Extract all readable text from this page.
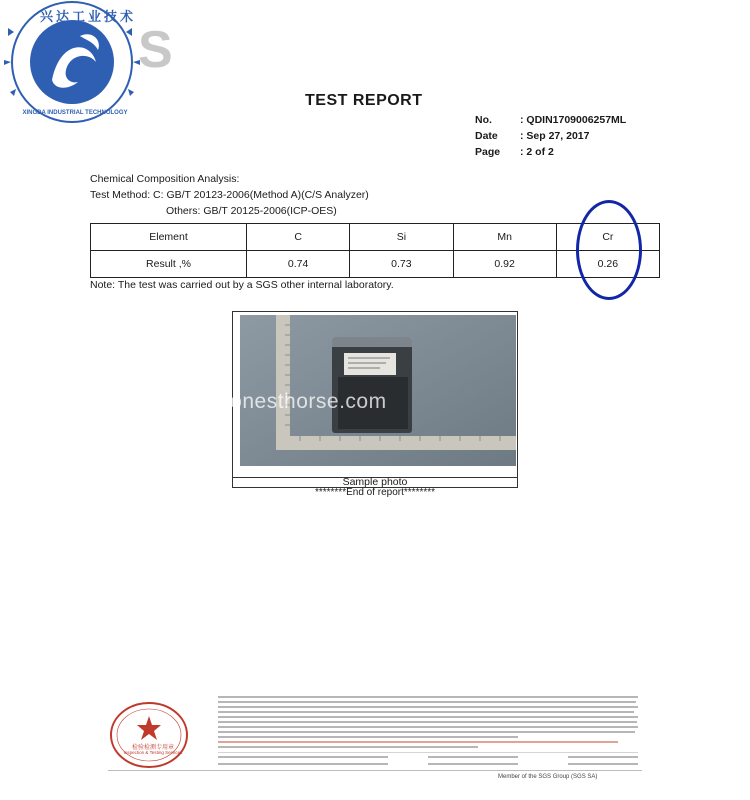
兴达工业技术
XINGDA INDUSTRIAL TECHNOLOGY
S
TEST REPORT
No.	: QDIN1709006257ML
Date	: Sep 27, 2017
Page	: 2 of 2
Chemical Composition Analysis:
Test Method: C: GB/T 20123-2006(Method A)(C/S Analyzer)
Others: GB/T 20125-2006(ICP-OES)
Element	C	Si	Mn	Cr
Result ,%	0.74	0.73	0.92	0.26
Note: The test was carried out by a SGS other internal laboratory.
honesthorse.com
Sample photo
********End of report********
检验检测专用章
Inspection & Testing Services
Member of the SGS Group (SGS SA)
